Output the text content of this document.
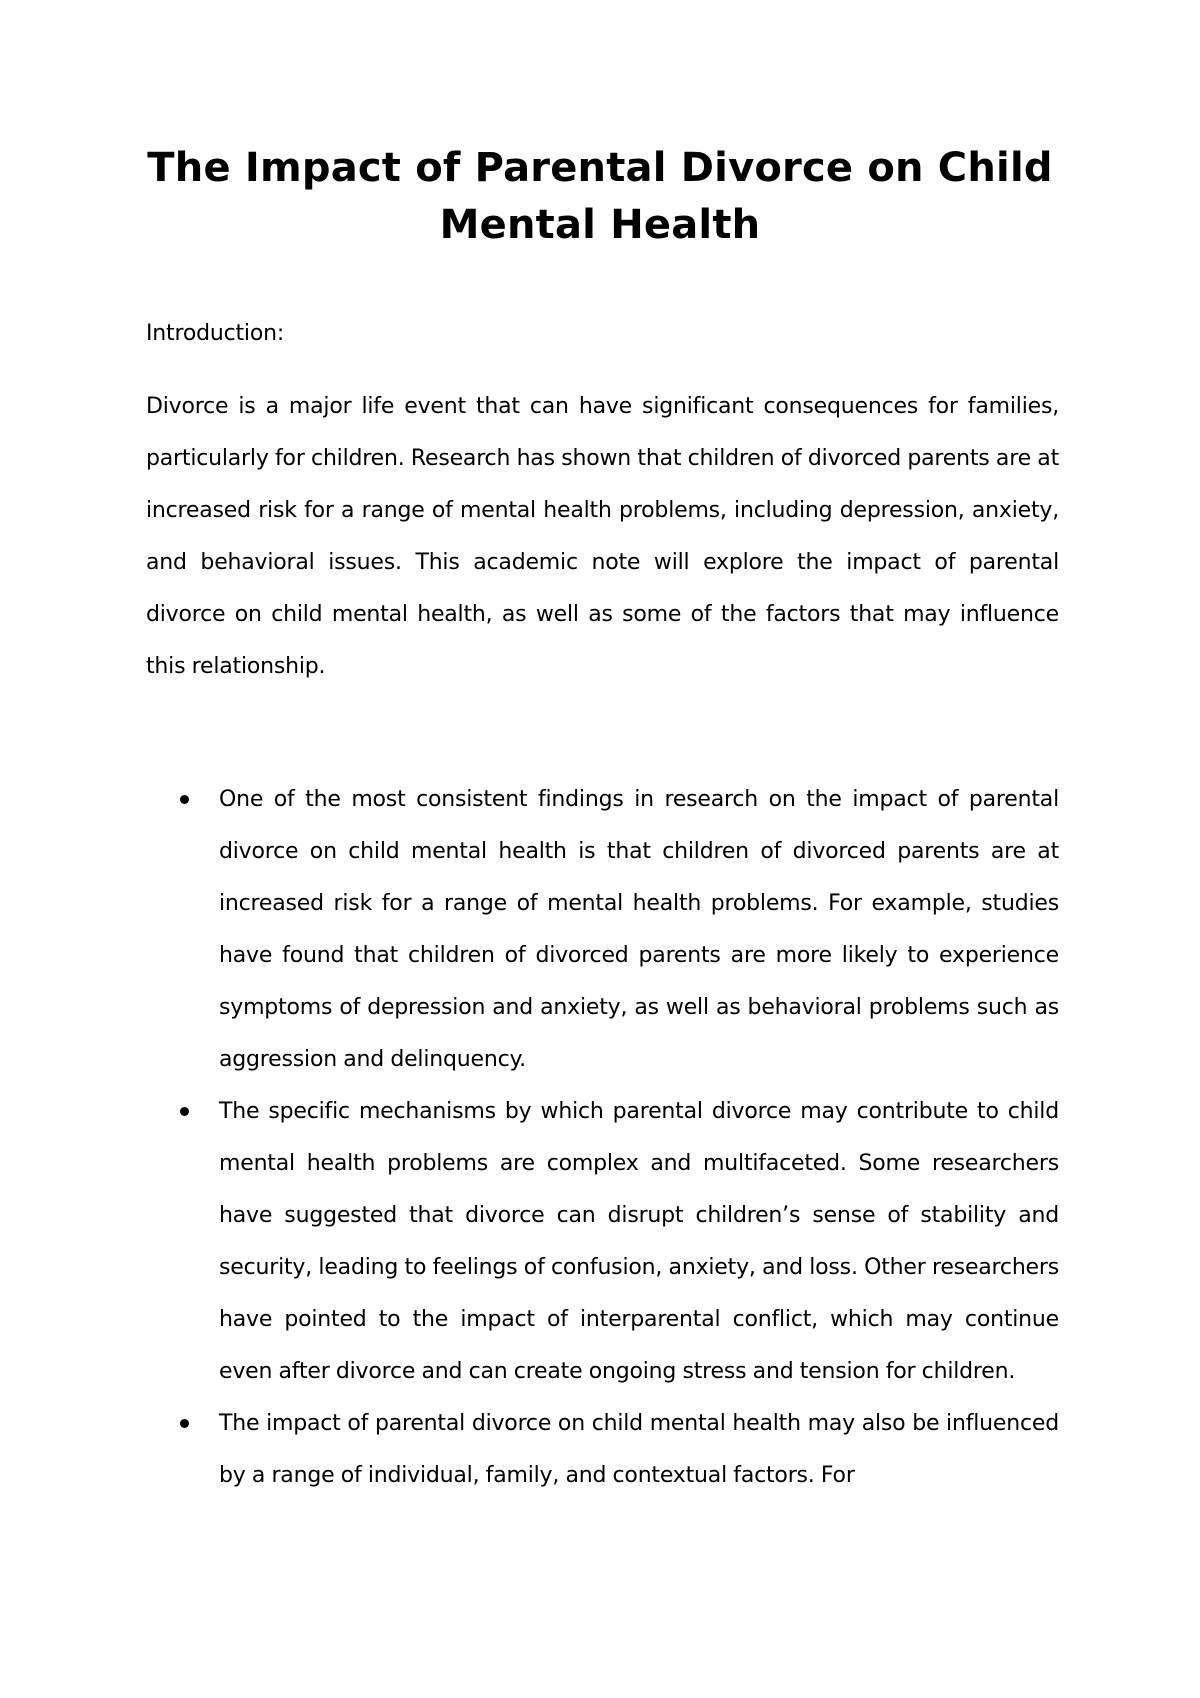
The Impact of Parental Divorce on Child Mental Health

Introduction:

Divorce is a major life event that can have significant consequences for families, particularly for children. Research has shown that children of divorced parents are at increased risk for a range of mental health problems, including depression, anxiety, and behavioral issues. This academic note will explore the impact of parental divorce on child mental health, as well as some of the factors that may influence this relationship.

One of the most consistent findings in research on the impact of parental divorce on child mental health is that children of divorced parents are at increased risk for a range of mental health problems. For example, studies have found that children of divorced parents are more likely to experience symptoms of depression and anxiety, as well as behavioral problems such as aggression and delinquency.
The specific mechanisms by which parental divorce may contribute to child mental health problems are complex and multifaceted. Some researchers have suggested that divorce can disrupt children’s sense of stability and security, leading to feelings of confusion, anxiety, and loss. Other researchers have pointed to the impact of interparental conflict, which may continue even after divorce and can create ongoing stress and tension for children.
The impact of parental divorce on child mental health may also be influenced by a range of individual, family, and contextual factors. For
